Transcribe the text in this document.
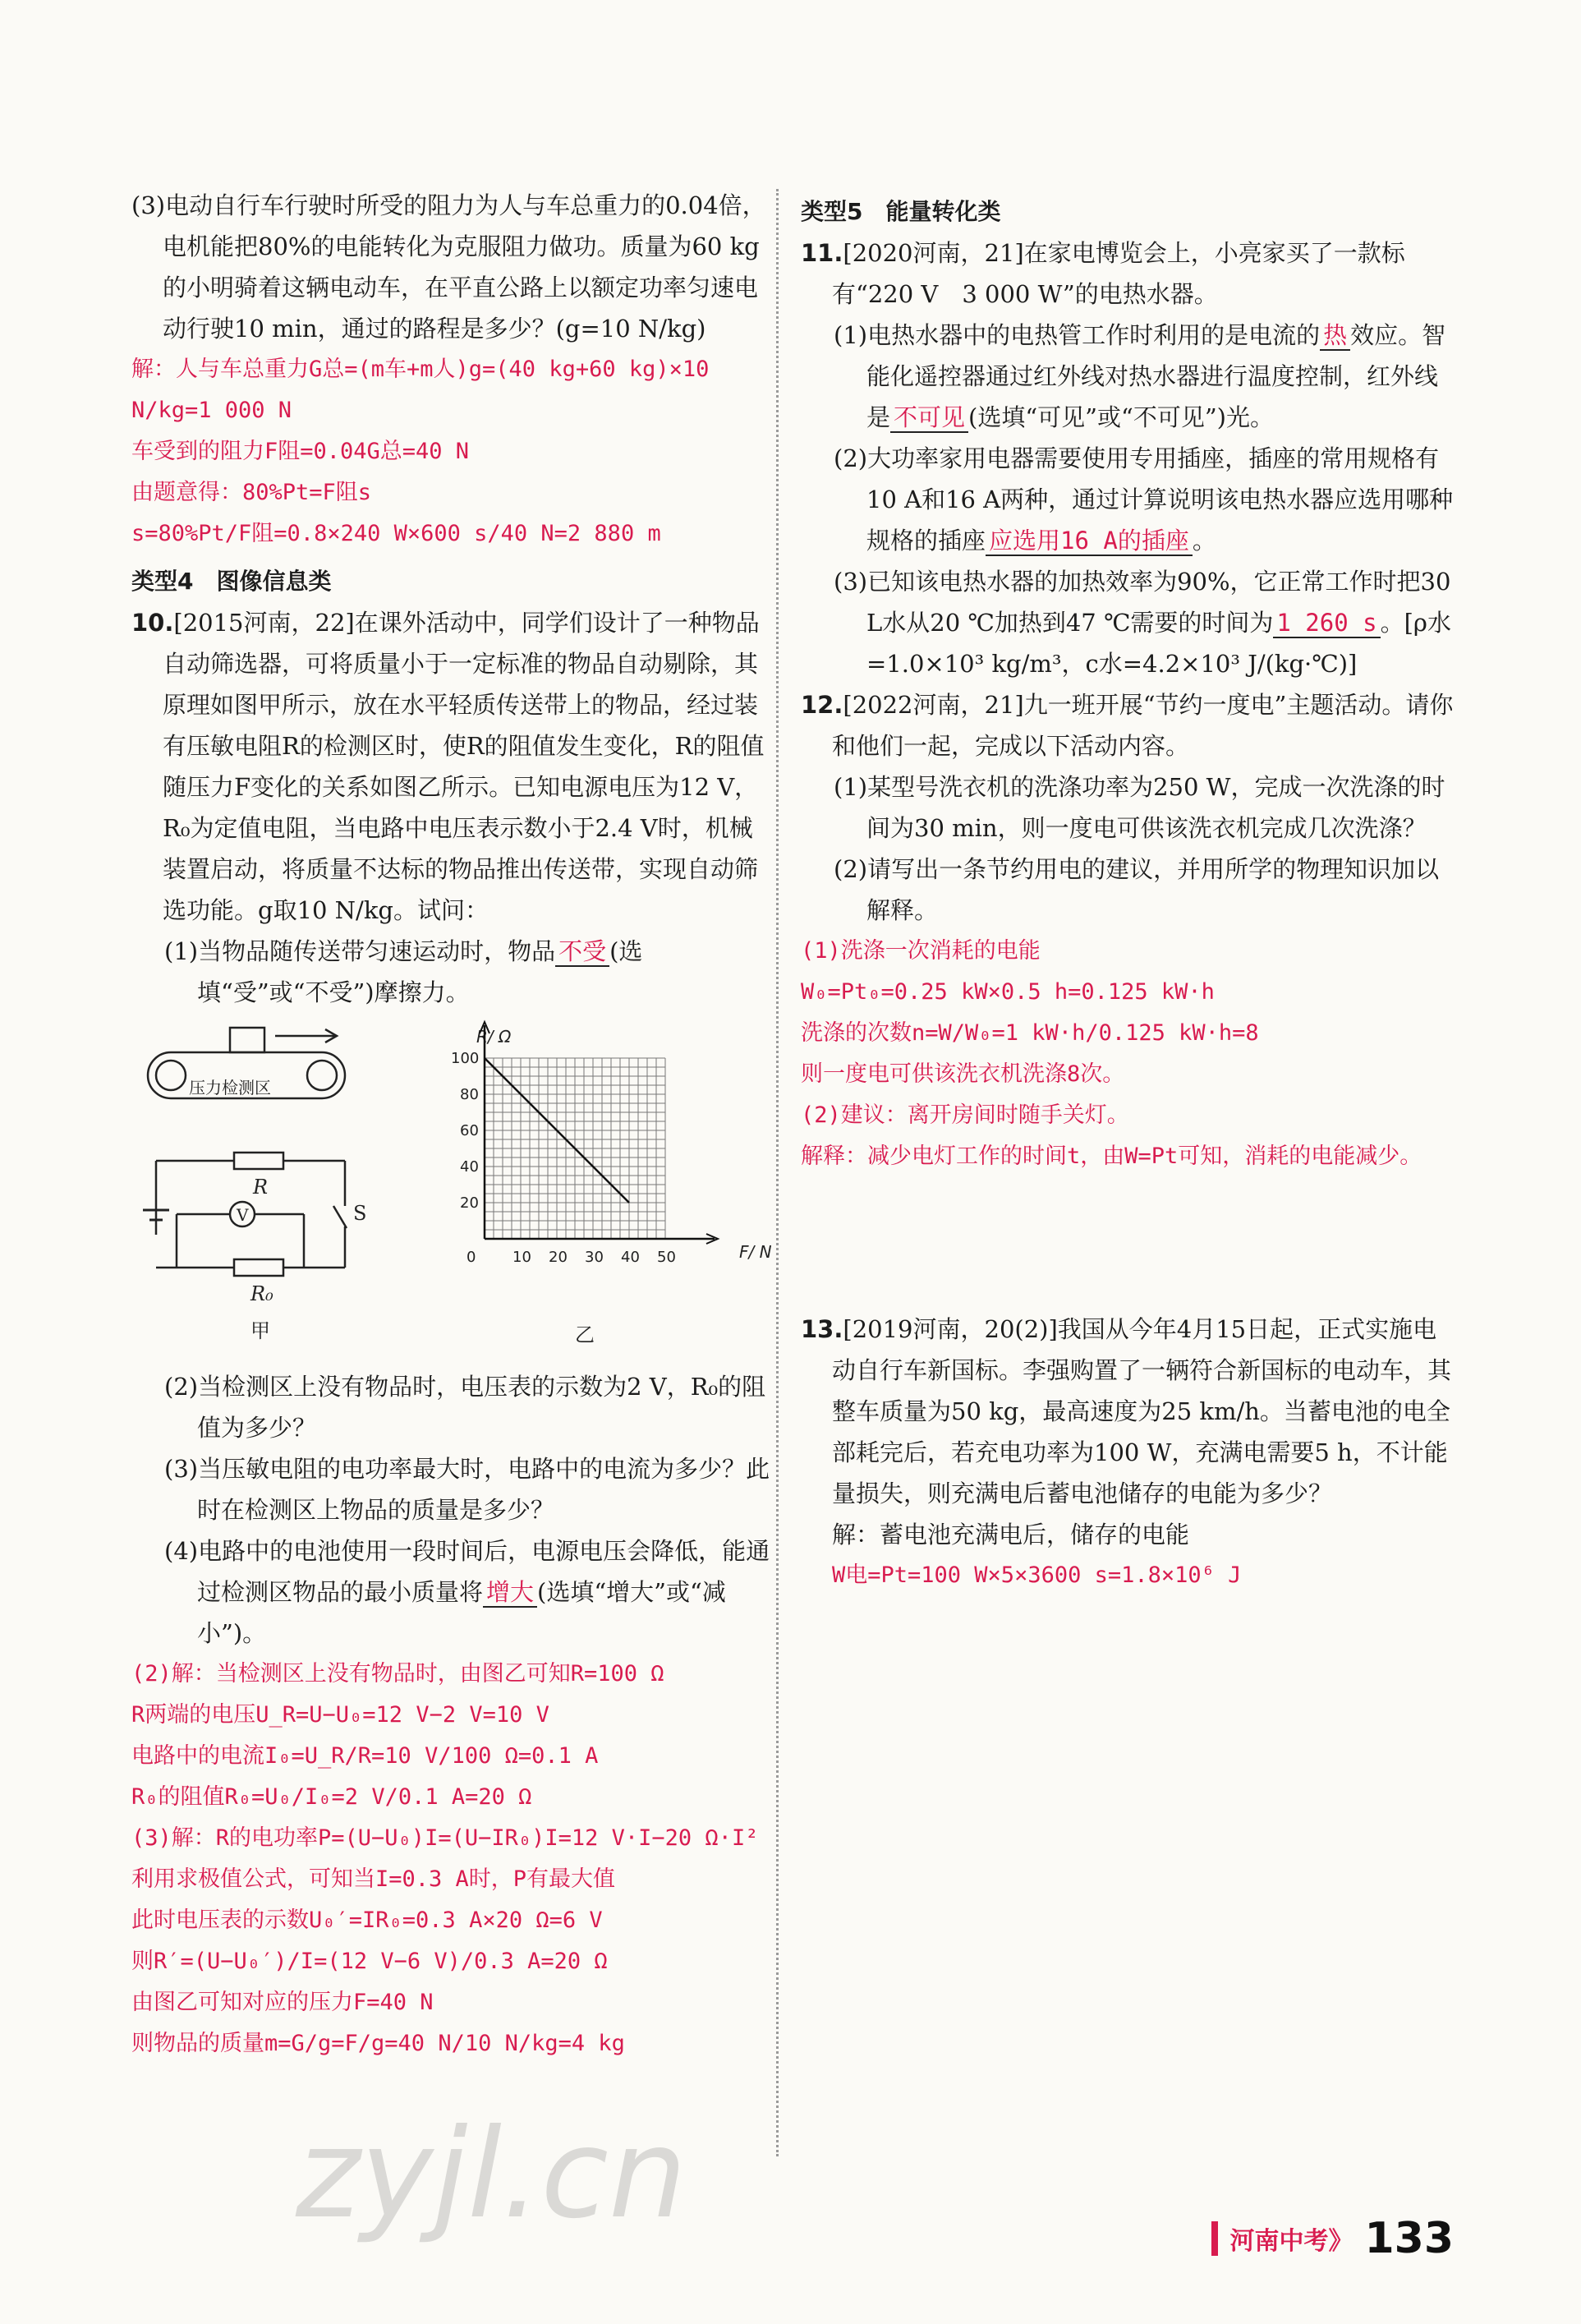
(3)电动自行车行驶时所受的阻力为人与车总重力的0.04倍，电机能把80%的电能转化为克服阻力做功。质量为60 kg的小明骑着这辆电动车，在平直公路上以额定功率匀速电动行驶10 min，通过的路程是多少？(g=10 N/kg)

解：人与车总重力G总=(m车+m人)g=(40 kg+60 kg)×10 N/kg=1 000 N

车受到的阻力F阻=0.04G总=40 N

由题意得：80%Pt=F阻s

s=80%Pt/F阻=0.8×240 W×600 s/40 N=2 880 m

类型4　图像信息类

10.[2015河南，22]在课外活动中，同学们设计了一种物品自动筛选器，可将质量小于一定标准的物品自动剔除，其原理如图甲所示，放在水平轻质传送带上的物品，经过装有压敏电阻R的检测区时，使R的阻值发生变化，R的阻值随压力F变化的关系如图乙所示。已知电源电压为12 V，R₀为定值电阻，当电路中电压表示数小于2.4 V时，机械装置启动，将质量不达标的物品推出传送带，实现自动筛选功能。g取10 N/kg。试问：

(1)当物品随传送带匀速运动时，物品 不受 (选填“受”或“不受”)摩擦力。

压力检测区
R
V	S
R₀
甲
R/ Ω
F/ N
乙
0 10 20 30 40 50
20
40
60
80
100

(2)当检测区上没有物品时，电压表的示数为2 V，R₀的阻值为多少？

(3)当压敏电阻的电功率最大时，电路中的电流为多少？此时在检测区上物品的质量是多少？

(4)电路中的电池使用一段时间后，电源电压会降低，能通过检测区物品的最小质量将 增大 (选填“增大”或“减小”)。

(2)解：当检测区上没有物品时，由图乙可知R=100 Ω

R两端的电压U_R=U−U₀=12 V−2 V=10 V

电路中的电流I₀=U_R/R=10 V/100 Ω=0.1 A

R₀的阻值R₀=U₀/I₀=2 V/0.1 A=20 Ω

(3)解：R的电功率P=(U−U₀)I=(U−IR₀)I=12 V·I−20 Ω·I²

利用求极值公式，可知当I=0.3 A时，P有最大值

此时电压表的示数U₀′=IR₀=0.3 A×20 Ω=6 V

则R′=(U−U₀′)/I=(12 V−6 V)/0.3 A=20 Ω

由图乙可知对应的压力F=40 N

则物品的质量m=G/g=F/g=40 N/10 N/kg=4 kg

类型5　能量转化类

11.[2020河南，21]在家电博览会上，小亮家买了一款标有“220 V　3 000 W”的电热水器。

(1)电热水器中的电热管工作时利用的是电流的 热 效应。智能化遥控器通过红外线对热水器进行温度控制，红外线是 不可见 (选填“可见”或“不可见”)光。

(2)大功率家用电器需要使用专用插座，插座的常用规格有10 A和16 A两种，通过计算说明该电热水器应选用哪种规格的插座 应选用16 A的插座 。

(3)已知该电热水器的加热效率为90%，它正常工作时把30 L水从20 ℃加热到47 ℃需要的时间为 1 260 s 。[ρ水=1.0×10³ kg/m³，c水=4.2×10³ J/(kg·℃)]

12.[2022河南，21]九一班开展“节约一度电”主题活动。请你和他们一起，完成以下活动内容。

(1)某型号洗衣机的洗涤功率为250 W，完成一次洗涤的时间为30 min，则一度电可供该洗衣机完成几次洗涤？

(2)请写出一条节约用电的建议，并用所学的物理知识加以解释。

(1)洗涤一次消耗的电能

W₀=Pt₀=0.25 kW×0.5 h=0.125 kW·h

洗涤的次数n=W/W₀=1 kW·h/0.125 kW·h=8

则一度电可供该洗衣机洗涤8次。

(2)建议：离开房间时随手关灯。

解释：减少电灯工作的时间t，由W=Pt可知，消耗的电能减少。

13.[2019河南，20(2)]我国从今年4月15日起，正式实施电动自行车新国标。李强购置了一辆符合新国标的电动车，其整车质量为50 kg，最高速度为25 km/h。当蓄电池的电全部耗完后，若充电功率为100 W，充满电需要5 h，不计能量损失，则充满电后蓄电池储存的电能为多少？

解：蓄电池充满电后，储存的电能

W电=Pt=100 W×5×3600 s=1.8×10⁶ J

zyjl.cn	河南中考》 133
